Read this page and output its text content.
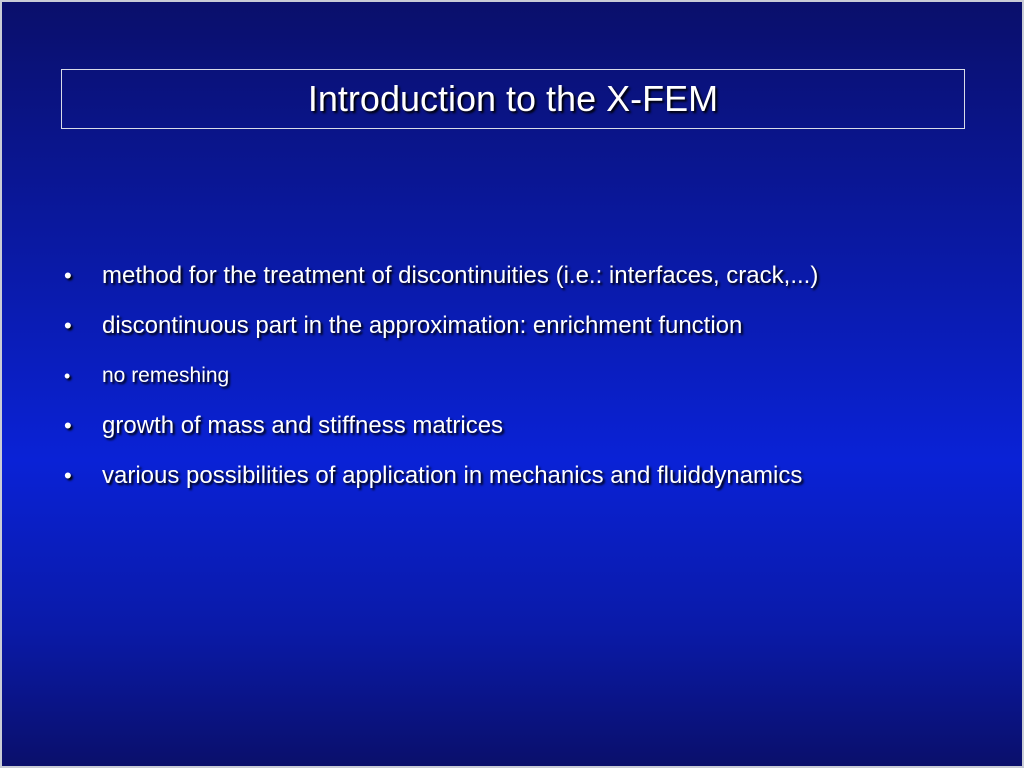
Introduction to the X-FEM
•	method for the treatment of discontinuities (i.e.: interfaces, crack,...)
•	discontinuous part in the approximation: enrichment function
•	no remeshing
•	growth of mass and stiffness matrices
•	various possibilities of application in mechanics and fluiddynamics
